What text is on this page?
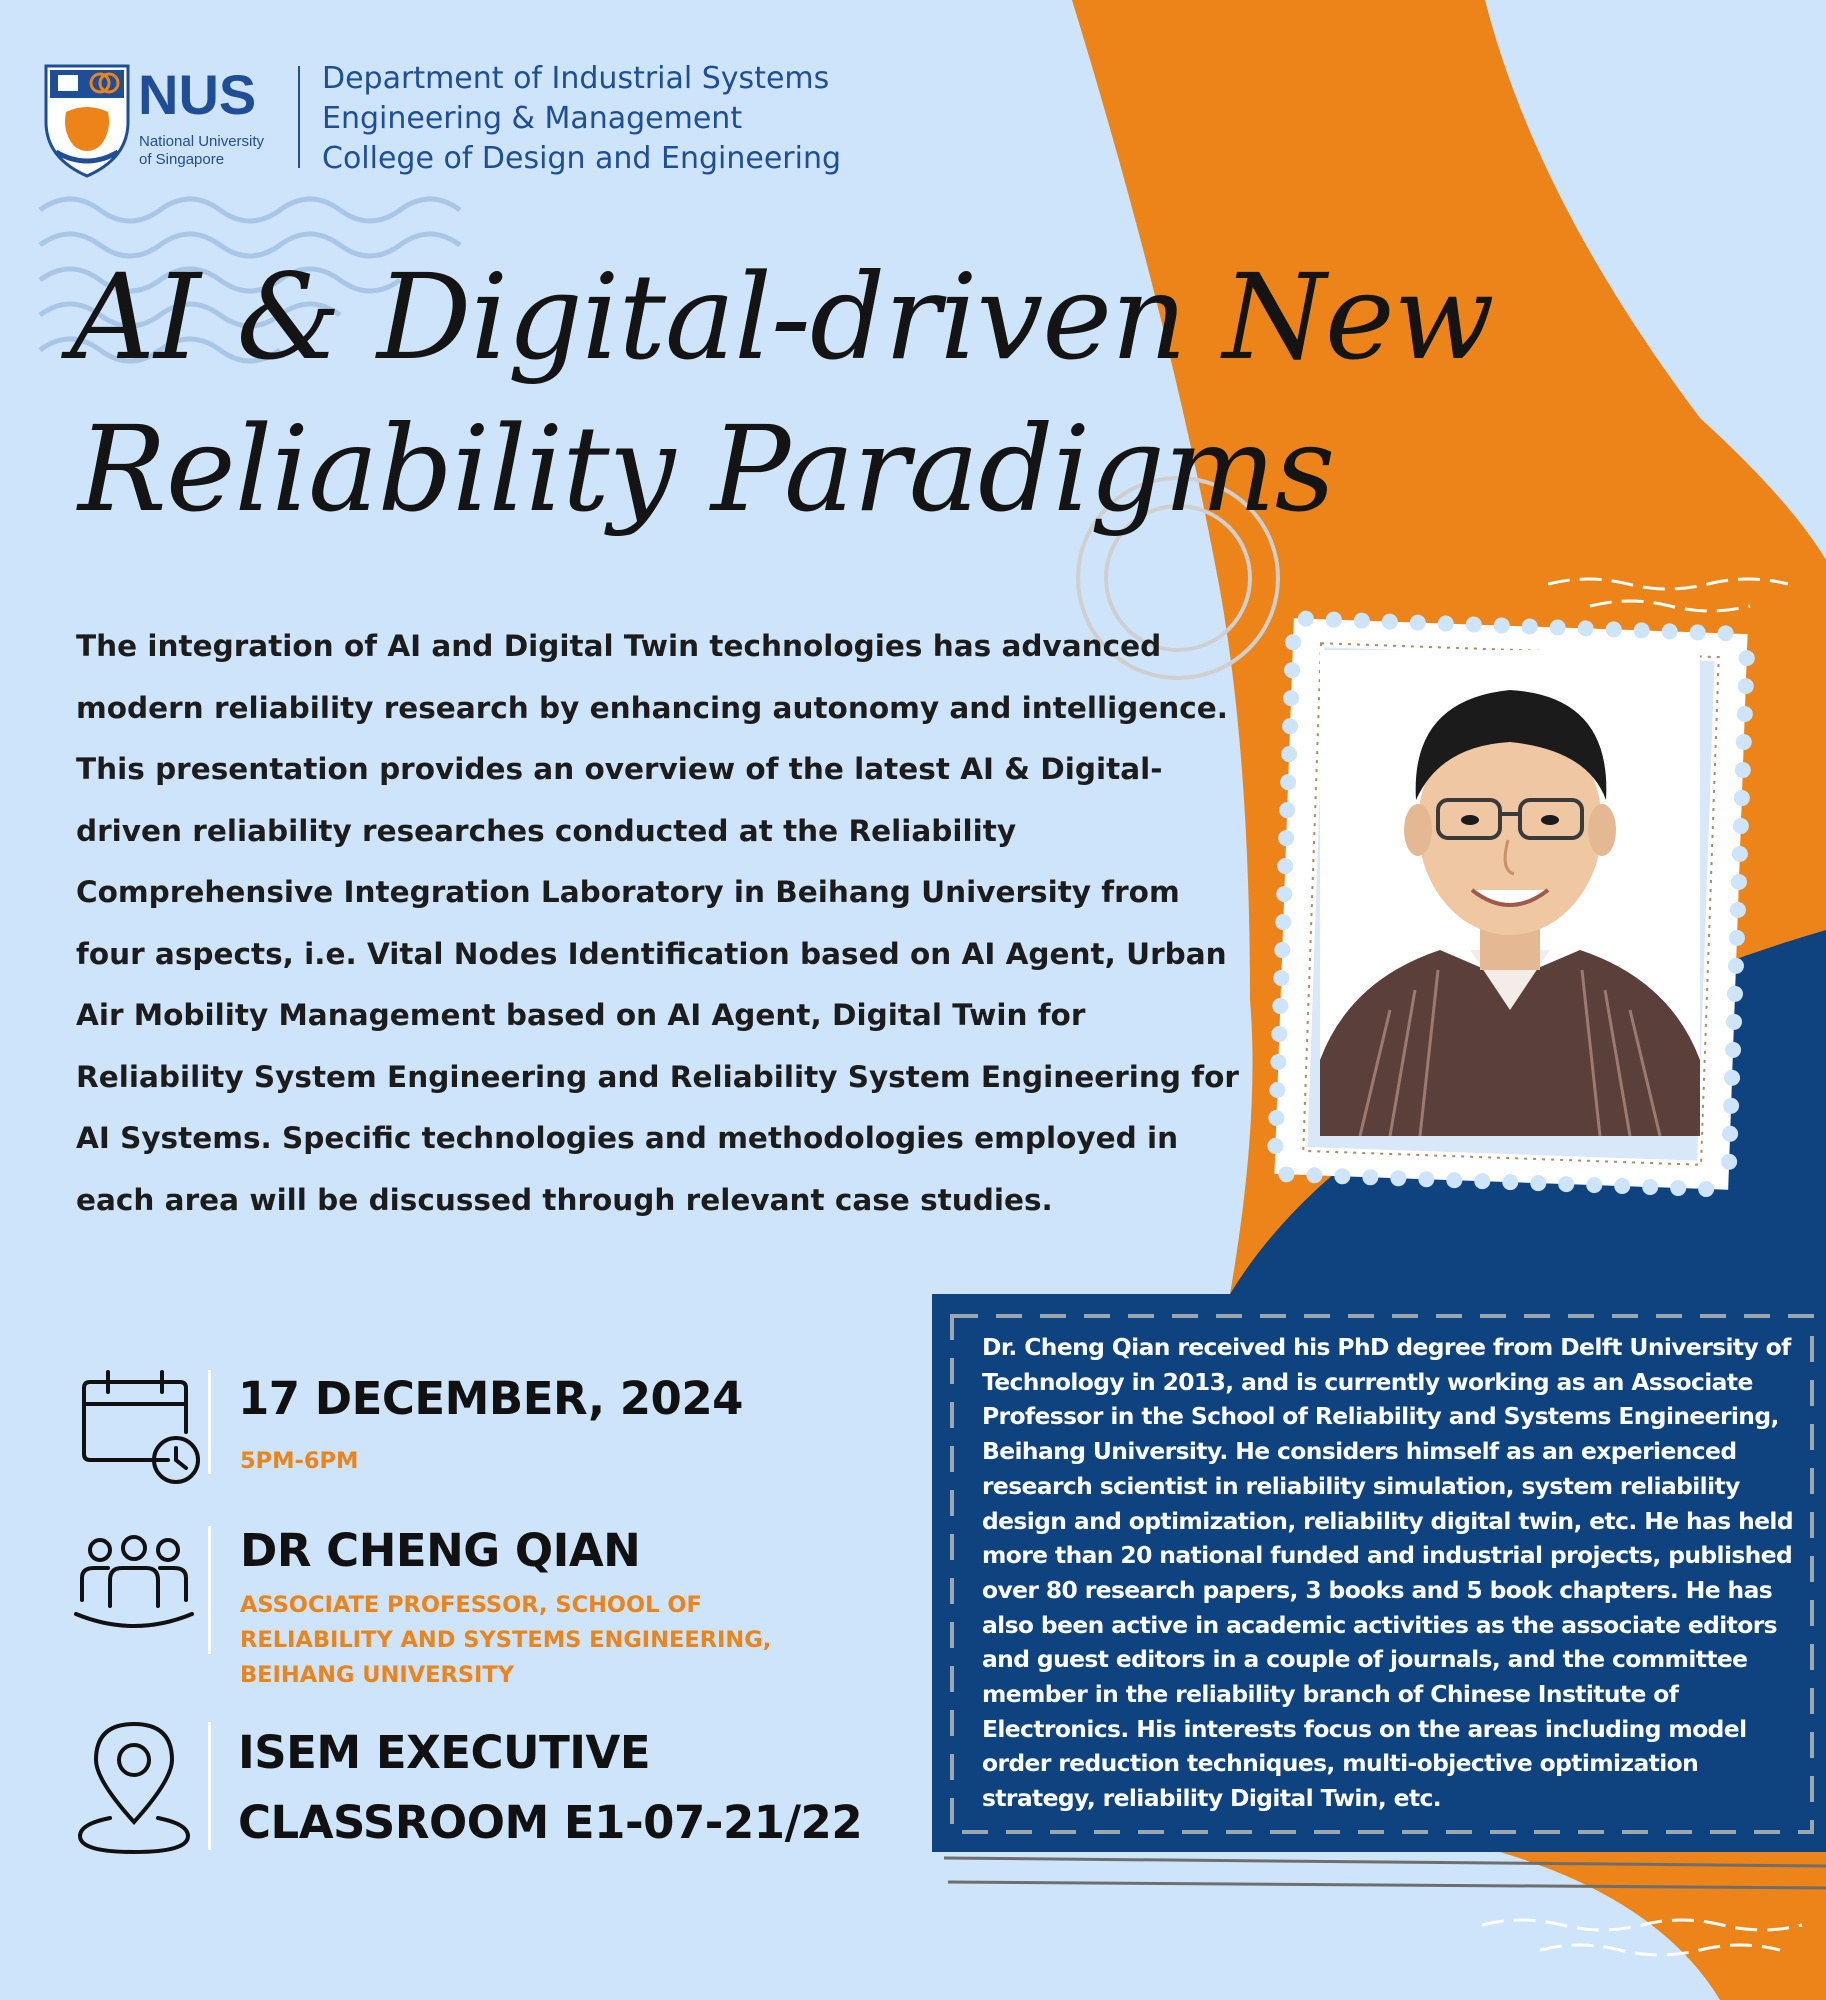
NUS
National University
of Singapore
Department of Industrial Systems
Engineering & Management
College of Design and Engineering
AI & Digital-driven New
Reliability Paradigms
The integration of AI and Digital Twin technologies has advanced modern reliability research by enhancing autonomy and intelligence. This presentation provides an overview of the latest AI & Digital-driven reliability researches conducted at the Reliability Comprehensive Integration Laboratory in Beihang University from four aspects, i.e. Vital Nodes Identification based on AI Agent, Urban Air Mobility Management based on AI Agent, Digital Twin for Reliability System Engineering and Reliability System Engineering for AI Systems. Specific technologies and methodologies employed in each area will be discussed through relevant case studies.
17 DECEMBER, 2024
5PM-6PM
DR CHENG QIAN
ASSOCIATE PROFESSOR, SCHOOL OF
RELIABILITY AND SYSTEMS ENGINEERING,
BEIHANG UNIVERSITY
ISEM EXECUTIVE
CLASSROOM E1-07-21/22
Dr. Cheng Qian received his PhD degree from Delft University of Technology in 2013, and is currently working as an Associate Professor in the School of Reliability and Systems Engineering, Beihang University. He considers himself as an experienced research scientist in reliability simulation, system reliability design and optimization, reliability digital twin, etc. He has held more than 20 national funded and industrial projects, published over 80 research papers, 3 books and 5 book chapters. He has also been active in academic activities as the associate editors and guest editors in a couple of journals, and the committee member in the reliability branch of Chinese Institute of Electronics. His interests focus on the areas including model order reduction techniques, multi-objective optimization strategy, reliability Digital Twin, etc.
